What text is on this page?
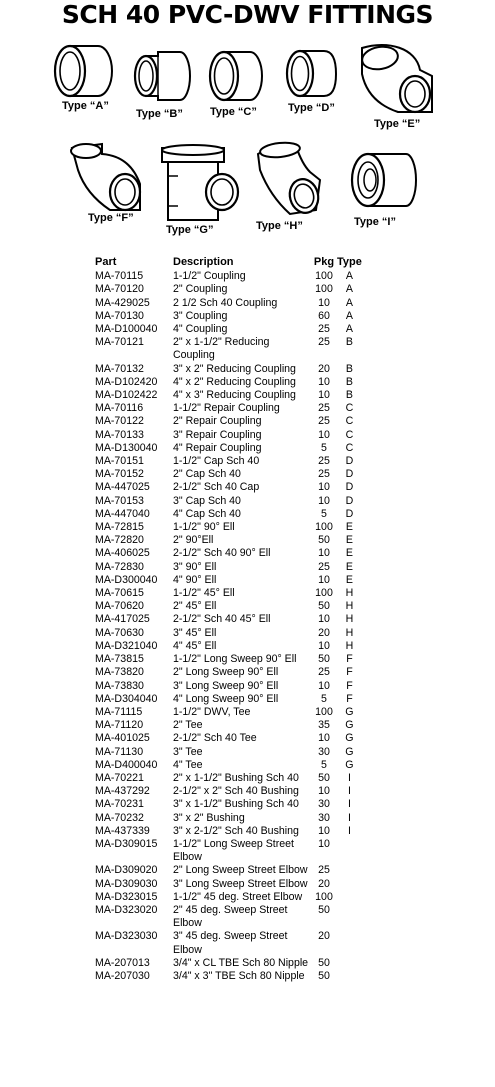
SCH 40 PVC-DWV FITTINGS
Type “A”
Type “B” Type “C”	Type “D”
Type “E”
Type “F”
Type “G”	Type “H”	Type “I”
Part	Description	Pkg	Type
MA-70115	1-1/2" Coupling	100	A
MA-70120	2" Coupling	100	A
MA-429025	2 1/2 Sch 40 Coupling	10	A
MA-70130	3" Coupling	60	A
MA-D100040	4" Coupling	25	A
MA-70121	2" x 1-1/2" Reducing Coupling	25	B
MA-70132	3" x 2" Reducing Coupling	20	B
MA-D102420	4" x 2" Reducing Coupling	10	B
MA-D102422	4" x 3" Reducing Coupling	10	B
MA-70116	1-1/2" Repair Coupling	25	C
MA-70122	2" Repair Coupling	25	C
MA-70133	3" Repair Coupling	10	C
MA-D130040	4" Repair Coupling	5	C
MA-70151	1-1/2" Cap Sch 40	25	D
MA-70152	2" Cap Sch 40	25	D
MA-447025	2-1/2" Sch 40 Cap	10	D
MA-70153	3" Cap Sch 40	10	D
MA-447040	4" Cap Sch 40	5	D
MA-72815	1-1/2" 90° Ell	100	E
MA-72820	2" 90°Ell	50	E
MA-406025	2-1/2" Sch 40 90° Ell	10	E
MA-72830	3" 90° Ell	25	E
MA-D300040	4" 90° Ell	10	E
MA-70615	1-1/2" 45° Ell	100	H
MA-70620	2" 45° Ell	50	H
MA-417025	2-1/2" Sch 40 45° Ell	10	H
MA-70630	3" 45° Ell	20	H
MA-D321040	4" 45° Ell	10	H
MA-73815	1-1/2" Long Sweep 90° Ell	50	F
MA-73820	2" Long Sweep 90° Ell	25	F
MA-73830	3" Long Sweep 90° Ell	10	F
MA-D304040	4" Long Sweep 90° Ell	5	F
MA-71115	1-1/2" DWV, Tee	100	G
MA-71120	2" Tee	35	G
MA-401025	2-1/2" Sch 40 Tee	10	G
MA-71130	3" Tee	30	G
MA-D400040	4" Tee	5	G
MA-70221	2" x 1-1/2" Bushing Sch 40	50	I
MA-437292	2-1/2" x 2" Sch 40 Bushing	10	I
MA-70231	3" x 1-1/2" Bushing Sch 40	30	I
MA-70232	3" x 2" Bushing	30	I
MA-437339	3" x 2-1/2" Sch 40 Bushing	10	I
MA-D309015	1-1/2" Long Sweep Street Elbow	10	
MA-D309020	2" Long Sweep Street Elbow	25	
MA-D309030	3" Long Sweep Street Elbow	20	
MA-D323015	1-1/2" 45 deg. Street Elbow	100	
MA-D323020	2" 45 deg. Sweep Street Elbow	50	
MA-D323030	3" 45 deg. Sweep Street Elbow	20	
MA-207013	3/4" x CL TBE Sch 80 Nipple	50	
MA-207030	3/4" x 3" TBE Sch 80 Nipple	50	
